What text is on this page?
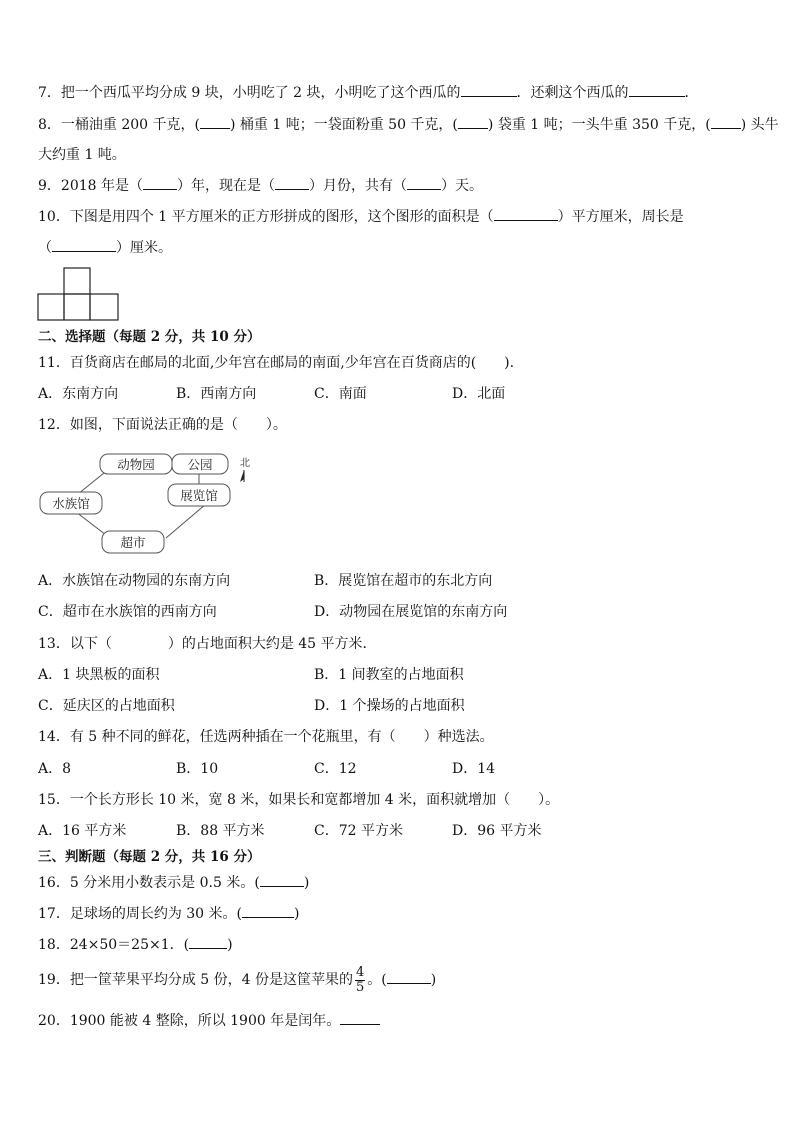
7．把一个西瓜平均分成 9 块，小明吃了 2 块，小明吃了这个西瓜的	．还剩这个西瓜的	．
8．一桶油重 200 千克，( ) 桶重 1 吨；一袋面粉重 50 千克，( ) 袋重 1 吨；一头牛重 350 千克，( ) 头牛
大约重 1 吨。
9．2018 年是（ ）年，现在是（ ）月份，共有（ ）天。
10．下图是用四个 1 平方厘米的正方形拼成的图形，这个图形的面积是（	）平方厘米，周长是
（	）厘米。
二、选择题（每题 2 分，共 10 分）
11．百货商店在邮局的北面,少年宫在邮局的南面,少年宫在百货商店的(　　).
A．东南方向	B．西南方向	C．南面	D．北面
12．如图，下面说法正确的是（　　）。
动物园	公园
水族馆
展览馆
超市
北
A．水族馆在动物园的东南方向	B．展览馆在超市的东北方向
C．超市在水族馆的西南方向	D．动物园在展览馆的东南方向
13．以下（　　　　）的占地面积大约是 45 平方米．
A．1 块黑板的面积	B．1 间教室的占地面积
C．延庆区的占地面积	D．1 个操场的占地面积
14．有 5 种不同的鲜花，任选两种插在一个花瓶里，有（　　）种选法。
A．8	B．10	C．12	D．14
15．一个长方形长 10 米，宽 8 米，如果长和宽都增加 4 米，面积就增加（　　）。
A．16 平方米	B．88 平方米	C．72 平方米	D．96 平方米
三、判断题（每题 2 分，共 16 分）
16．5 分米用小数表示是 0.5 米。(	)
17．足球场的周长约为 30 米。(	)
18．24×50＝25×1．(	)
19．把一筐苹果平均分成 5 份，4 份是这筐苹果的 $\frac{4}{5}$ 。(	)
20．1900 能被 4 整除，所以 1900 年是闰年。
